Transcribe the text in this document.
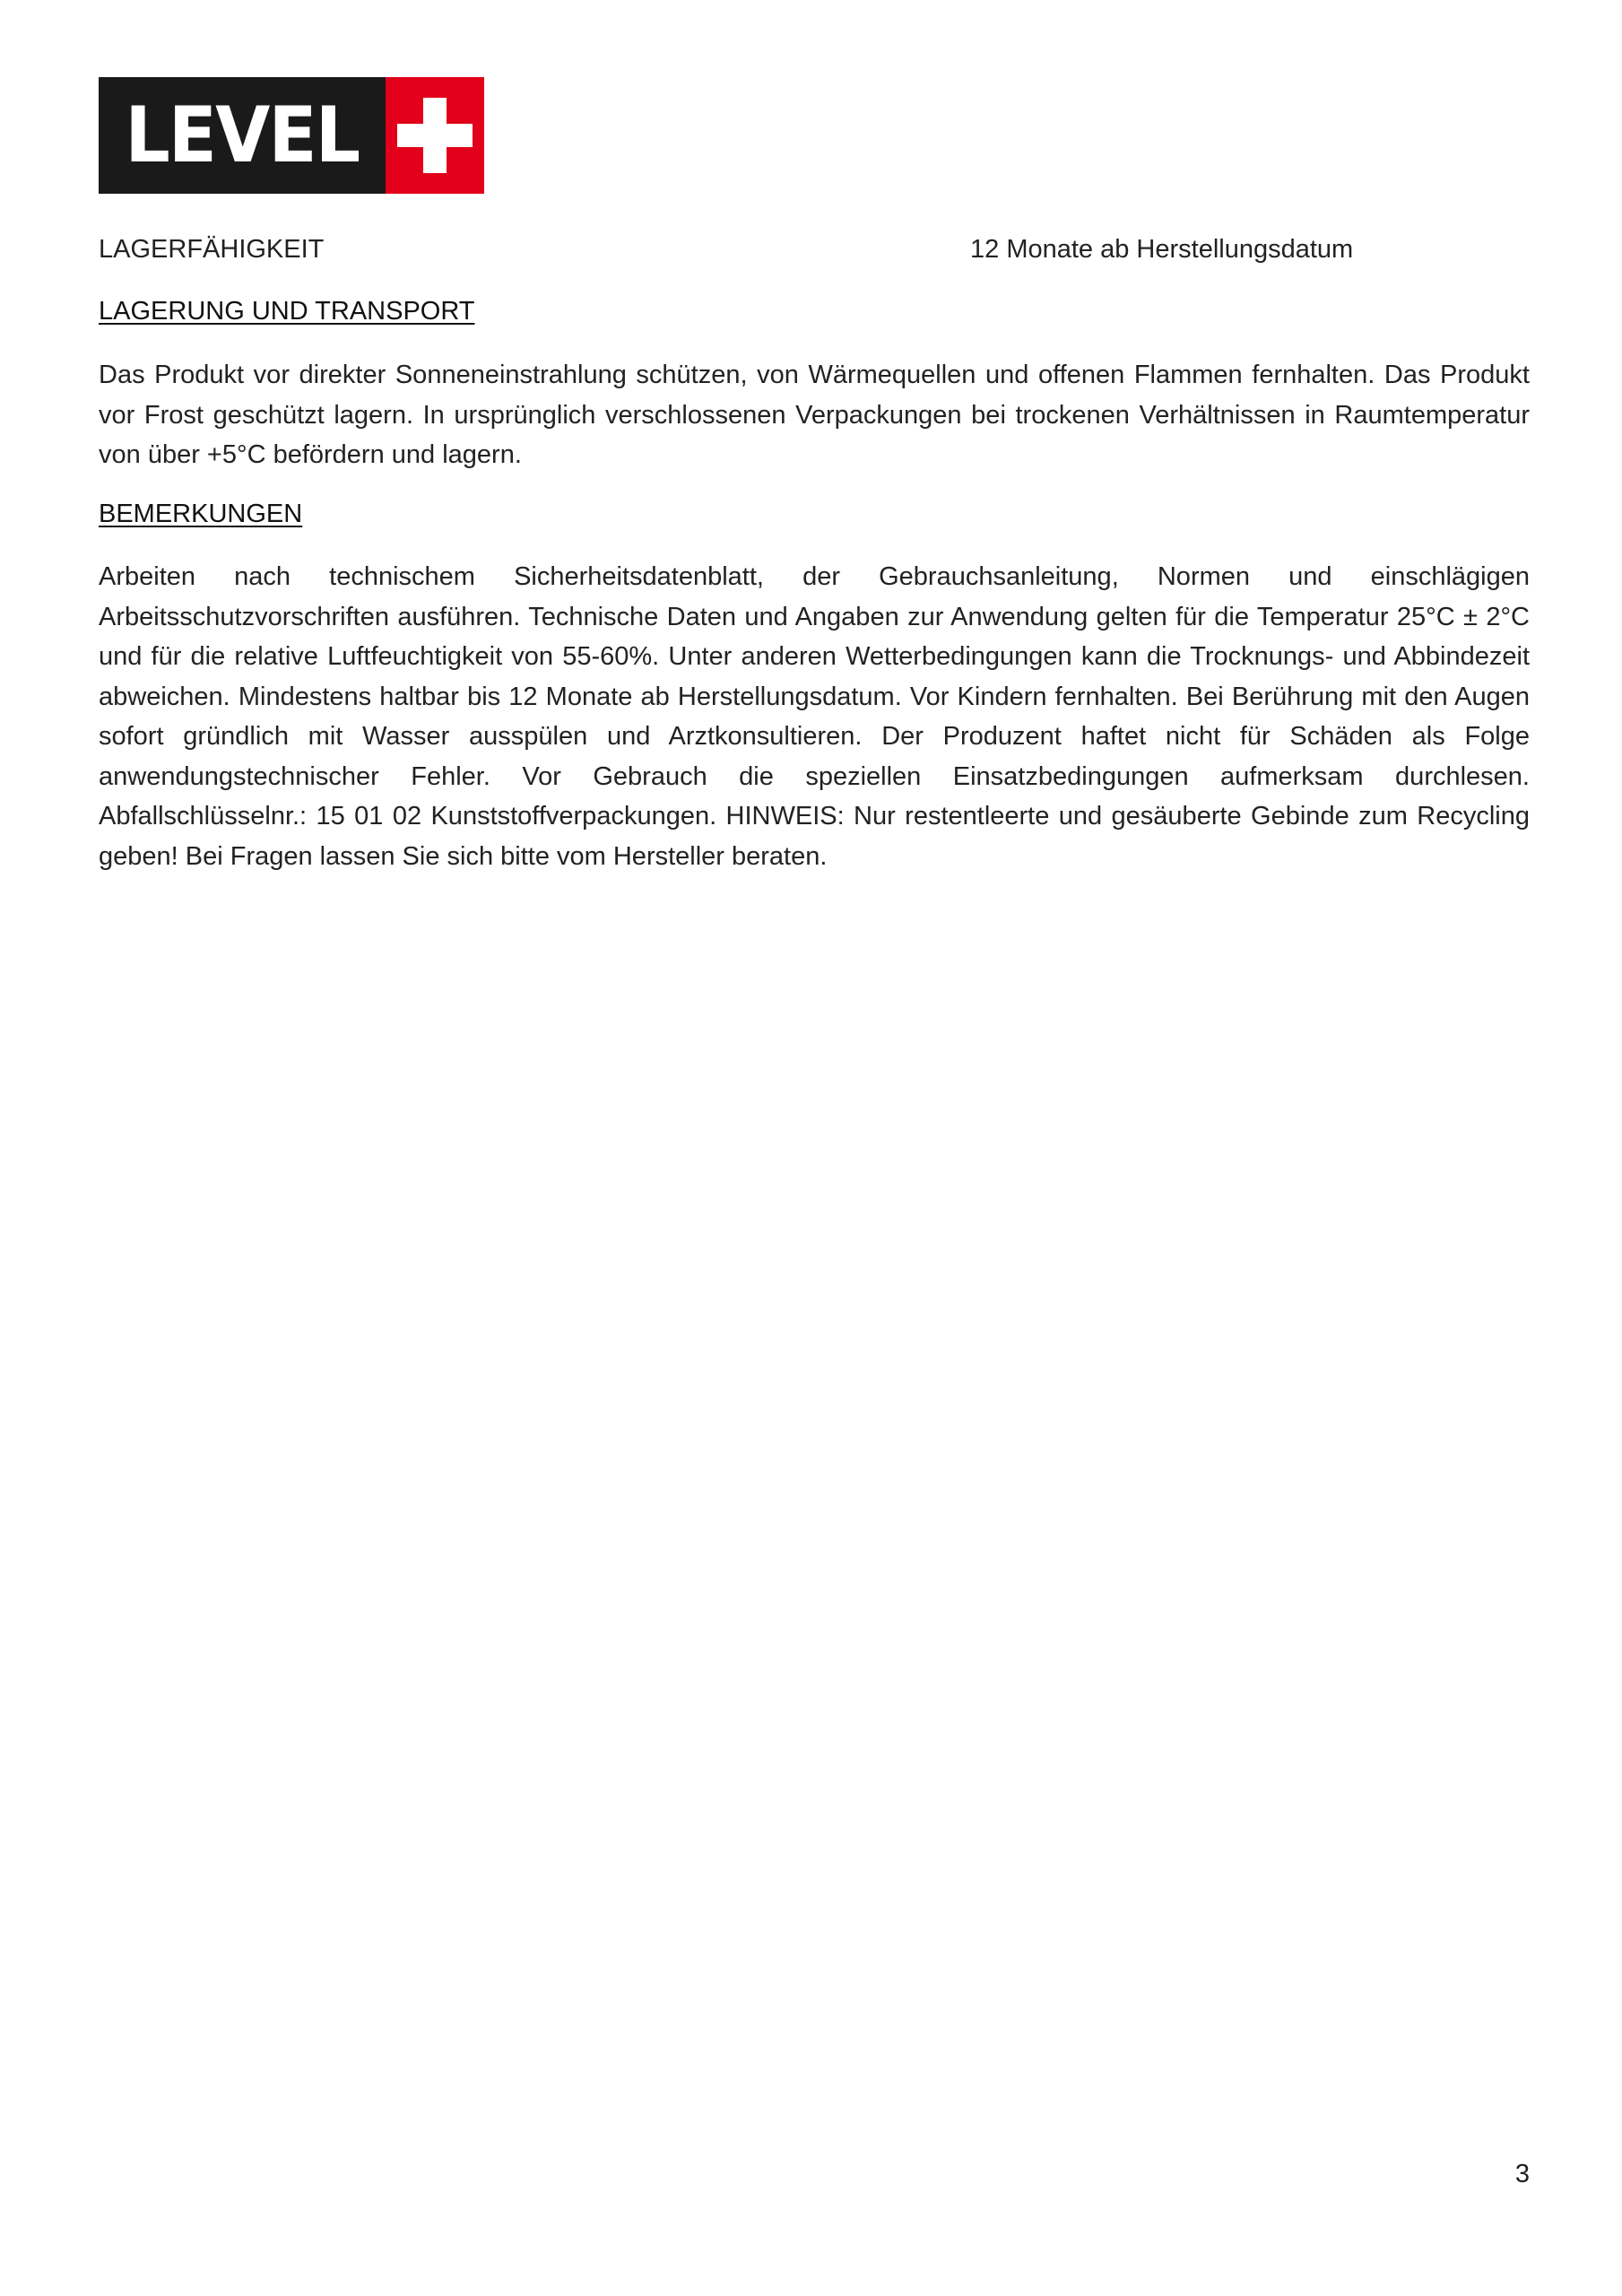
LEVEL
LAGERFÄHIGKEIT	12 Monate ab Herstellungsdatum
LAGERUNG UND TRANSPORT
Das Produkt vor direkter Sonneneinstrahlung schützen, von Wärmequellen und offenen Flammen fernhalten. Das Produkt vor Frost geschützt lagern. In ursprünglich verschlossenen Verpackungen bei trockenen Verhältnissen in Raumtemperatur von über +5°C befördern und lagern.
BEMERKUNGEN
Arbeiten nach technischem Sicherheitsdatenblatt, der Gebrauchsanleitung, Normen und einschlägigen Arbeitsschutzvorschriften ausführen. Technische Daten und Angaben zur Anwendung gelten für die Temperatur 25°C ± 2°C und für die relative Luftfeuchtigkeit von 55-60%. Unter anderen Wetterbedingungen kann die Trocknungs- und Abbindezeit abweichen. Mindestens haltbar bis 12 Monate ab Herstellungsdatum. Vor Kindern fernhalten. Bei Berührung mit den Augen sofort gründlich mit Wasser ausspülen und Arztkonsultieren. Der Produzent haftet nicht für Schäden als Folge anwendungstechnischer Fehler. Vor Gebrauch die speziellen Einsatzbedingungen aufmerksam durchlesen. Abfallschlüsselnr.: 15 01 02 Kunststoffverpackungen. HINWEIS: Nur restentleerte und gesäuberte Gebinde zum Recycling geben! Bei Fragen lassen Sie sich bitte vom Hersteller beraten.
3
